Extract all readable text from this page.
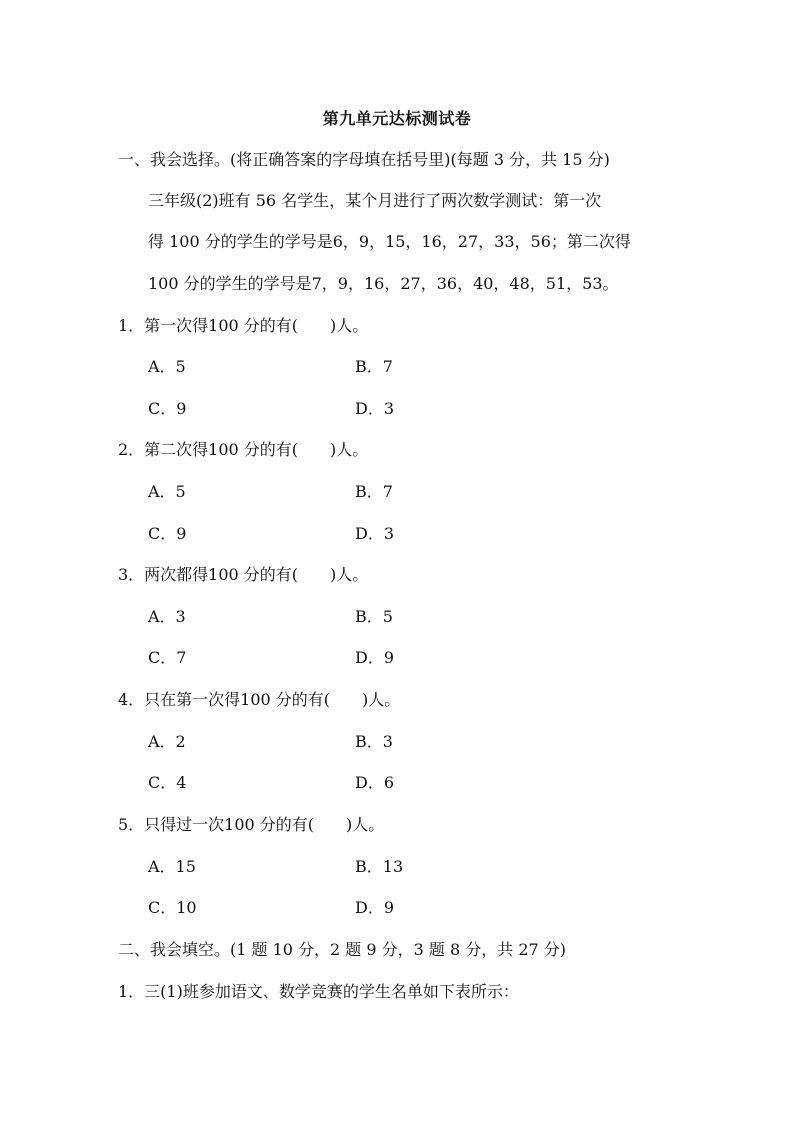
第九单元达标测试卷
一、我会选择。(将正确答案的字母填在括号里)(每题 3 分，共 15 分)
三年级(2)班有 56 名学生，某个月进行了两次数学测试：第一次
得 100 分的学生的学号是6，9，15，16，27，33，56；第二次得
100 分的学生的学号是7，9，16，27，36，40，48，51，53。
1．第一次得100 分的有(　　)人。
A．5	B．7
C．9	D．3
2．第二次得100 分的有(　　)人。
A．5	B．7
C．9	D．3
3．两次都得100 分的有(　　)人。
A．3	B．5
C．7	D．9
4．只在第一次得100 分的有(　　)人。
A．2	B．3
C．4	D．6
5．只得过一次100 分的有(　　)人。
A．15	B．13
C．10	D．9
二、我会填空。(1 题 10 分，2 题 9 分，3 题 8 分，共 27 分)
1．三(1)班参加语文、数学竞赛的学生名单如下表所示：
